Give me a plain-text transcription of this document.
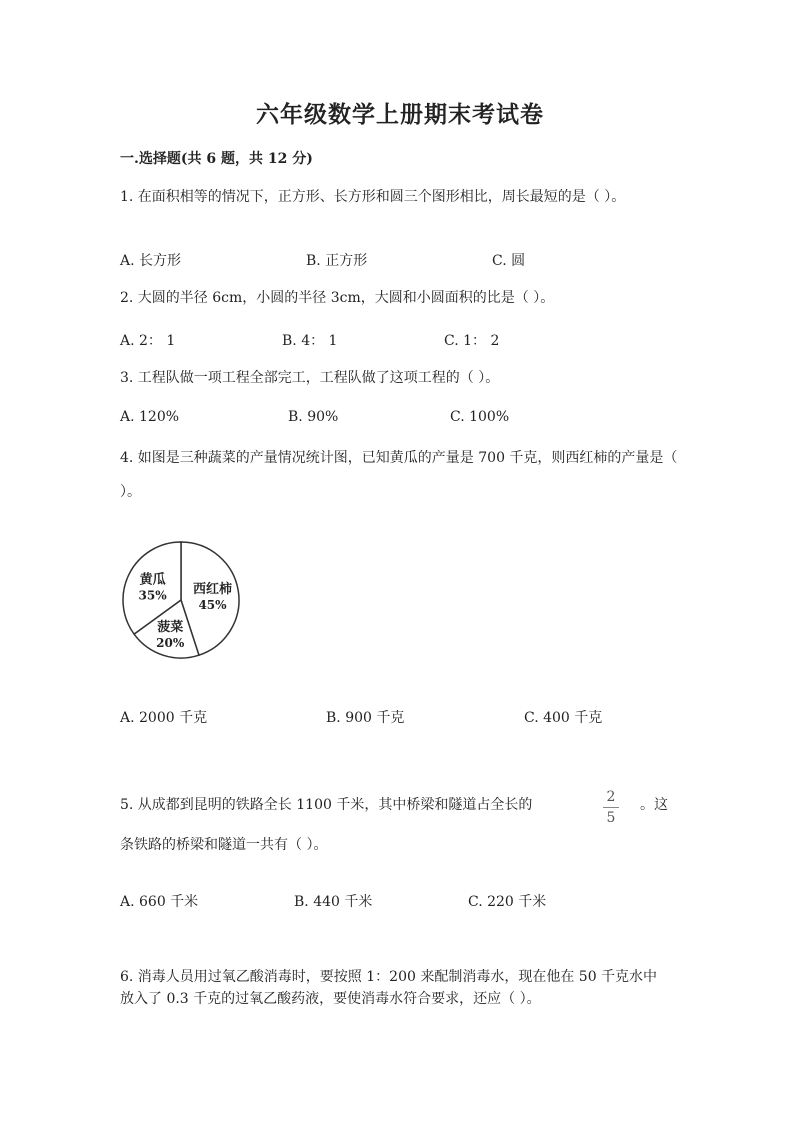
六年级数学上册期末考试卷
一.选择题(共 6 题，共 12 分)
1. 在面积相等的情况下，正方形、长方形和圆三个图形相比，周长最短的是（ ）。
A. 长方形	B. 正方形	C. 圆
2. 大圆的半径 6cm，小圆的半径 3cm，大圆和小圆面积的比是（ ）。
A. 2： 1	B. 4： 1	C. 1： 2
3. 工程队做一项工程全部完工，工程队做了这项工程的（ ）。
A. 120%	B. 90%	C. 100%
4. 如图是三种蔬菜的产量情况统计图，已知黄瓜的产量是 700 千克，则西红柿的产量是（ ）。
西红柿
45%
菠菜
20%
黄瓜
35%
A. 2000 千克	B. 900 千克	C. 400 千克
5. 从成都到昆明的铁路全长 1100 千米，其中桥梁和隧道占全长的	$\frac{2}{5}$ 。这
条铁路的桥梁和隧道一共有（ ）。
A. 660 千米	B. 440 千米	C. 220 千米
6. 消毒人员用过氧乙酸消毒时，要按照 1：200 来配制消毒水，现在他在 50 千克水中放入了 0.3 千克的过氧乙酸药液，要使消毒水符合要求，还应（ ）。
